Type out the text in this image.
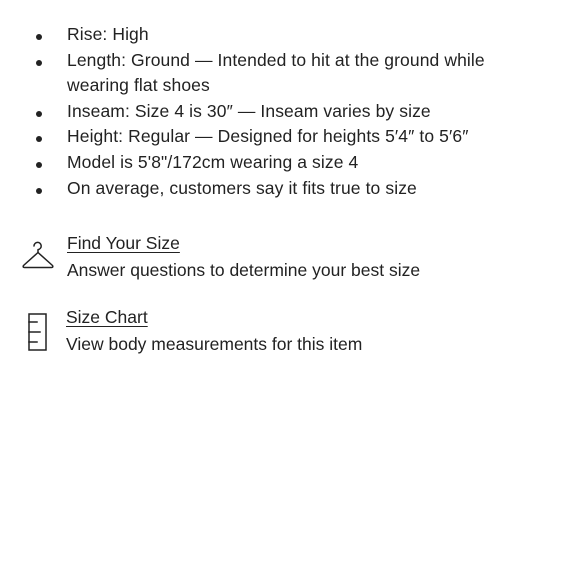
Rise: High
Length: Ground — Intended to hit at the ground while wearing flat shoes
Inseam: Size 4 is 30″ — Inseam varies by size
Height: Regular — Designed for heights 5′4″ to 5′6″
Model is 5'8"/172cm wearing a size 4
On average, customers say it fits true to size
Find Your Size
Answer questions to determine your best size
Size Chart
View body measurements for this item
